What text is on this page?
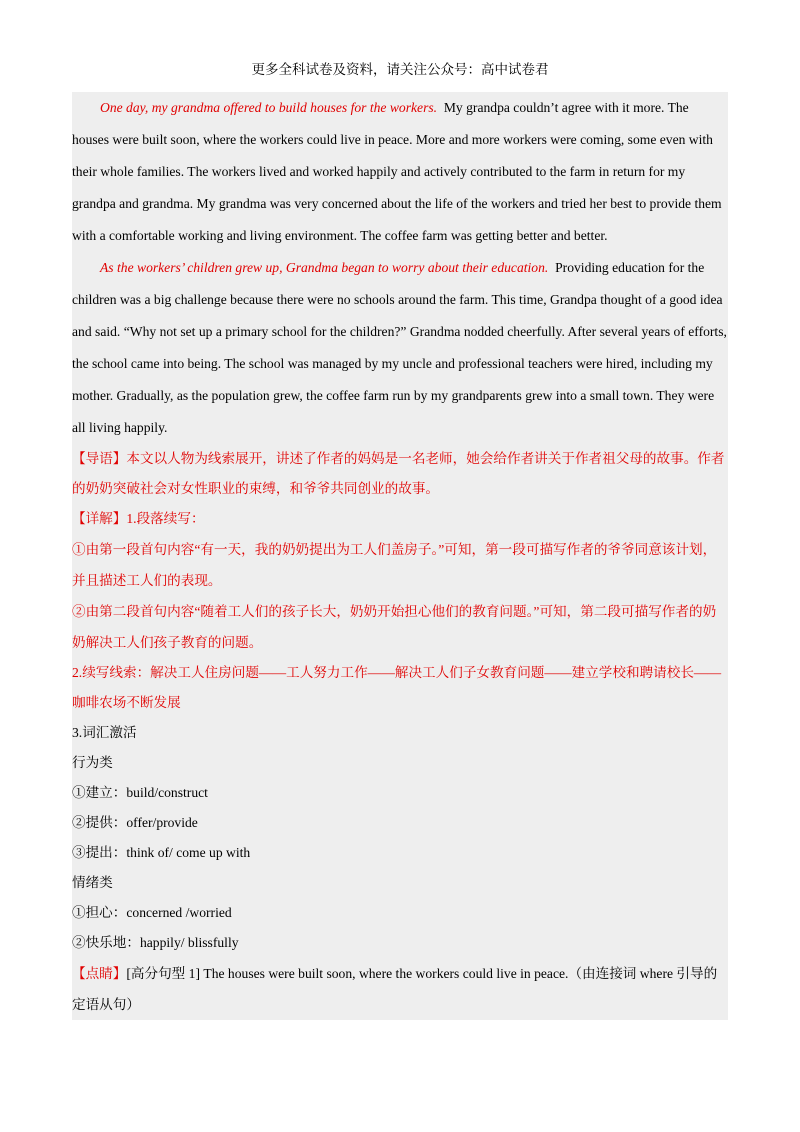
更多全科试卷及资料，请关注公众号：高中试卷君

One day, my grandma offered to build houses for the workers. My grandpa couldn’t agree with it more. The houses were built soon, where the workers could live in peace. More and more workers were coming, some even with their whole families. The workers lived and worked happily and actively contributed to the farm in return for my grandpa and grandma. My grandma was very concerned about the life of the workers and tried her best to provide them with a comfortable working and living environment. The coffee farm was getting better and better.

As the workers’ children grew up, Grandma began to worry about their education. Providing education for the children was a big challenge because there were no schools around the farm. This time, Grandpa thought of a good idea and said. “Why not set up a primary school for the children?” Grandma nodded cheerfully. After several years of efforts, the school came into being. The school was managed by my uncle and professional teachers were hired, including my mother. Gradually, as the population grew, the coffee farm run by my grandparents grew into a small town. They were all living happily.

【导语】本文以人物为线索展开，讲述了作者的妈妈是一名老师，她会给作者讲关于作者祖父母的故事。作者的奶奶突破社会对女性职业的束缚，和爷爷共同创业的故事。
【详解】1.段落续写：
①由第一段首句内容“有一天，我的奶奶提出为工人们盖房子。”可知，第一段可描写作者的爷爷同意该计划，并且描述工人们的表现。
②由第二段首句内容“随着工人们的孩子长大，奶奶开始担心他们的教育问题。”可知，第二段可描写作者的奶奶解决工人们孩子教育的问题。
2.续写线索：解决工人住房问题——工人努力工作——解决工人们子女教育问题——建立学校和聘请校长——咖啡农场不断发展
3.词汇激活
行为类
①建立：build/construct
②提供：offer/provide
③提出：think of/ come up with
情绪类
①担心：concerned /worried
②快乐地：happily/ blissfully
【点睛】[高分句型 1] The houses were built soon, where the workers could live in peace.（由连接词 where 引导的定语从句）
